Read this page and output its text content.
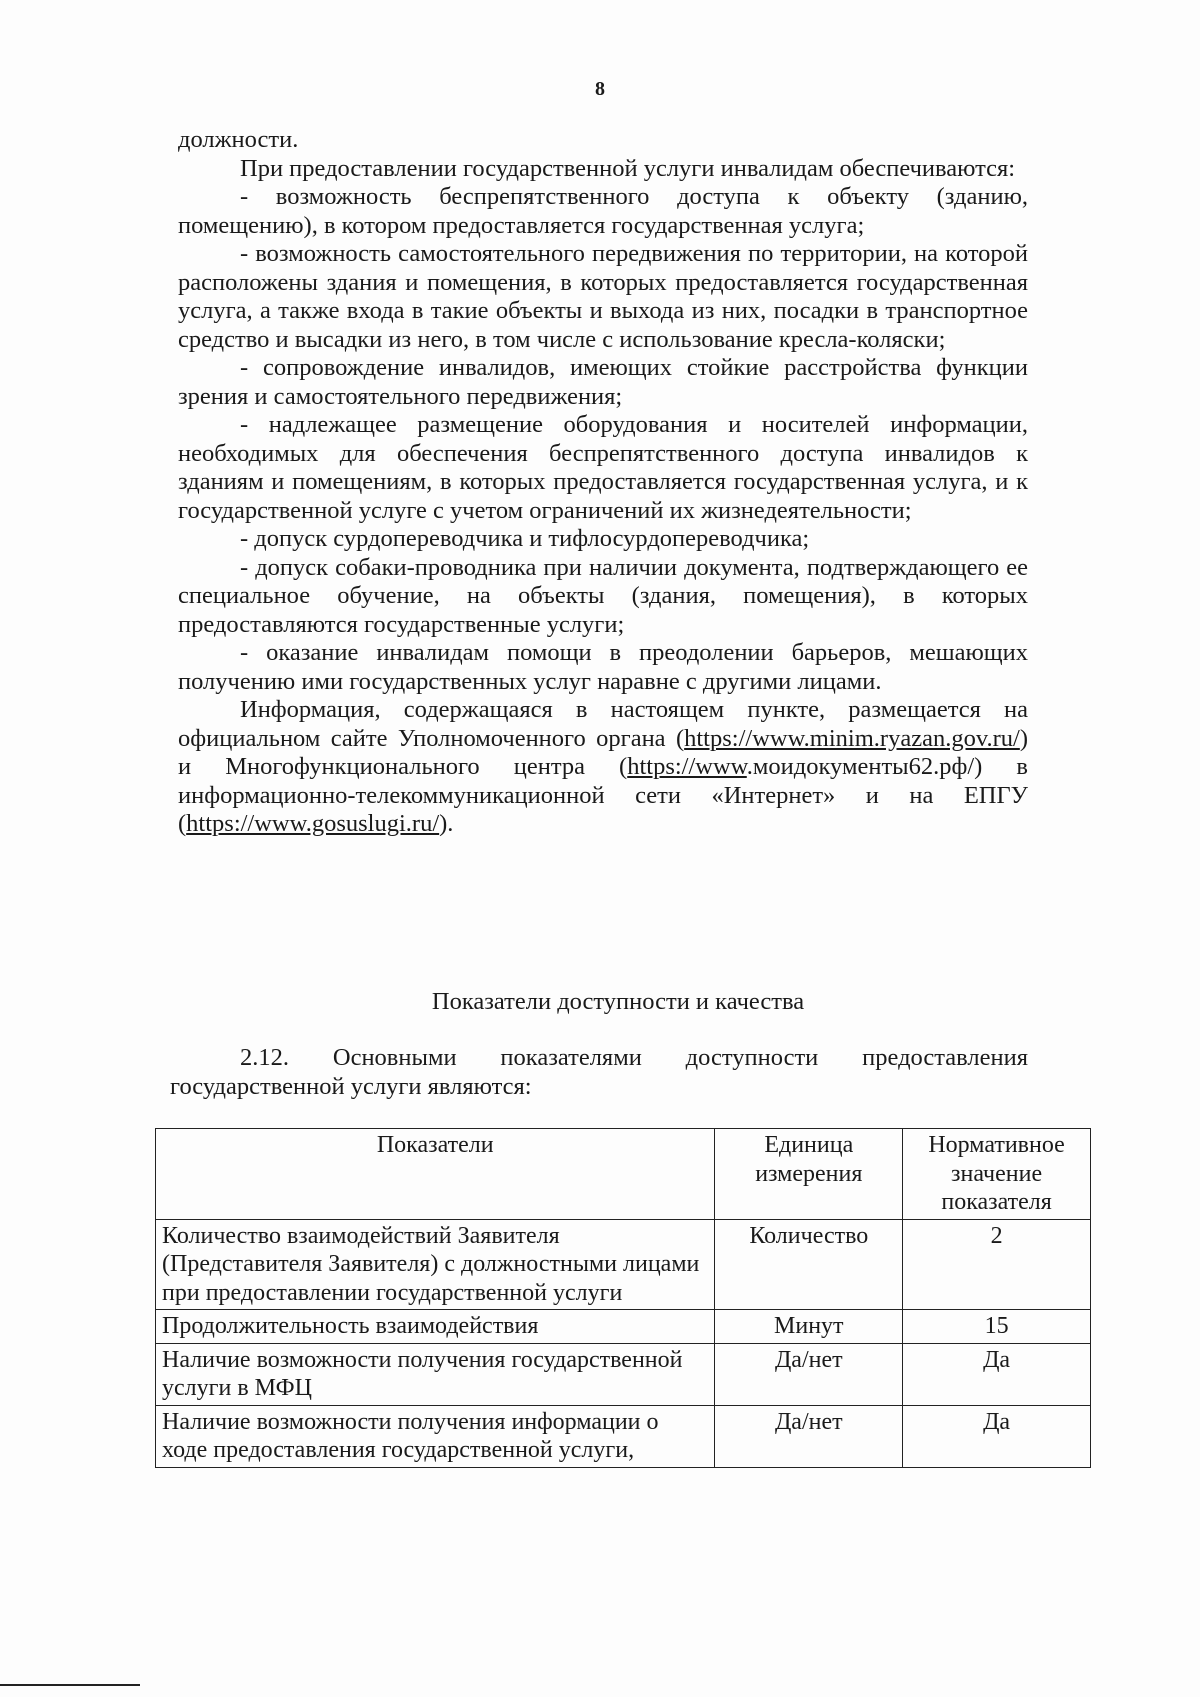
8

должности.

При предоставлении государственной услуги инвалидам обеспечиваются:

- возможность беспрепятственного доступа к объекту (зданию, помещению), в котором предоставляется государственная услуга;

- возможность самостоятельного передвижения по территории, на которой расположены здания и помещения, в которых предоставляется государственная услуга, а также входа в такие объекты и выхода из них, посадки в транспортное средство и высадки из него, в том числе с использование кресла-коляски;

- сопровождение инвалидов, имеющих стойкие расстройства функции зрения и самостоятельного передвижения;

- надлежащее размещение оборудования и носителей информации, необходимых для обеспечения беспрепятственного доступа инвалидов к зданиям и помещениям, в которых предоставляется государственная услуга, и к государственной услуге с учетом ограничений их жизнедеятельности;

- допуск сурдопереводчика и тифлосурдопереводчика;

- допуск собаки-проводника при наличии документа, подтверждающего ее специальное обучение, на объекты (здания, помещения), в которых предоставляются государственные услуги;

- оказание инвалидам помощи в преодолении барьеров, мешающих получению ими государственных услуг наравне с другими лицами.

Информация, содержащаяся в настоящем пункте, размещается на официальном сайте Уполномоченного органа (https://www.minim.ryazan.gov.ru/) и Многофункционального центра (https://www.моидокументы62.рф/) в информационно-телекоммуникационной сети «Интернет» и на ЕПГУ (https://www.gosuslugi.ru/).

Показатели доступности и качества
2.12. Основными показателями доступности предоставления государственной услуги являются:
Показатели	Единица измерения	Нормативное значение показателя
Количество взаимодействий Заявителя (Представителя Заявителя) с должностными лицами при предоставлении государственной услуги	Количество	2
Продолжительность взаимодействия	Минут	15
Наличие возможности получения государственной услуги в МФЦ	Да/нет	Да
Наличие возможности получения информации о ходе предоставления государственной услуги,	Да/нет	Да
